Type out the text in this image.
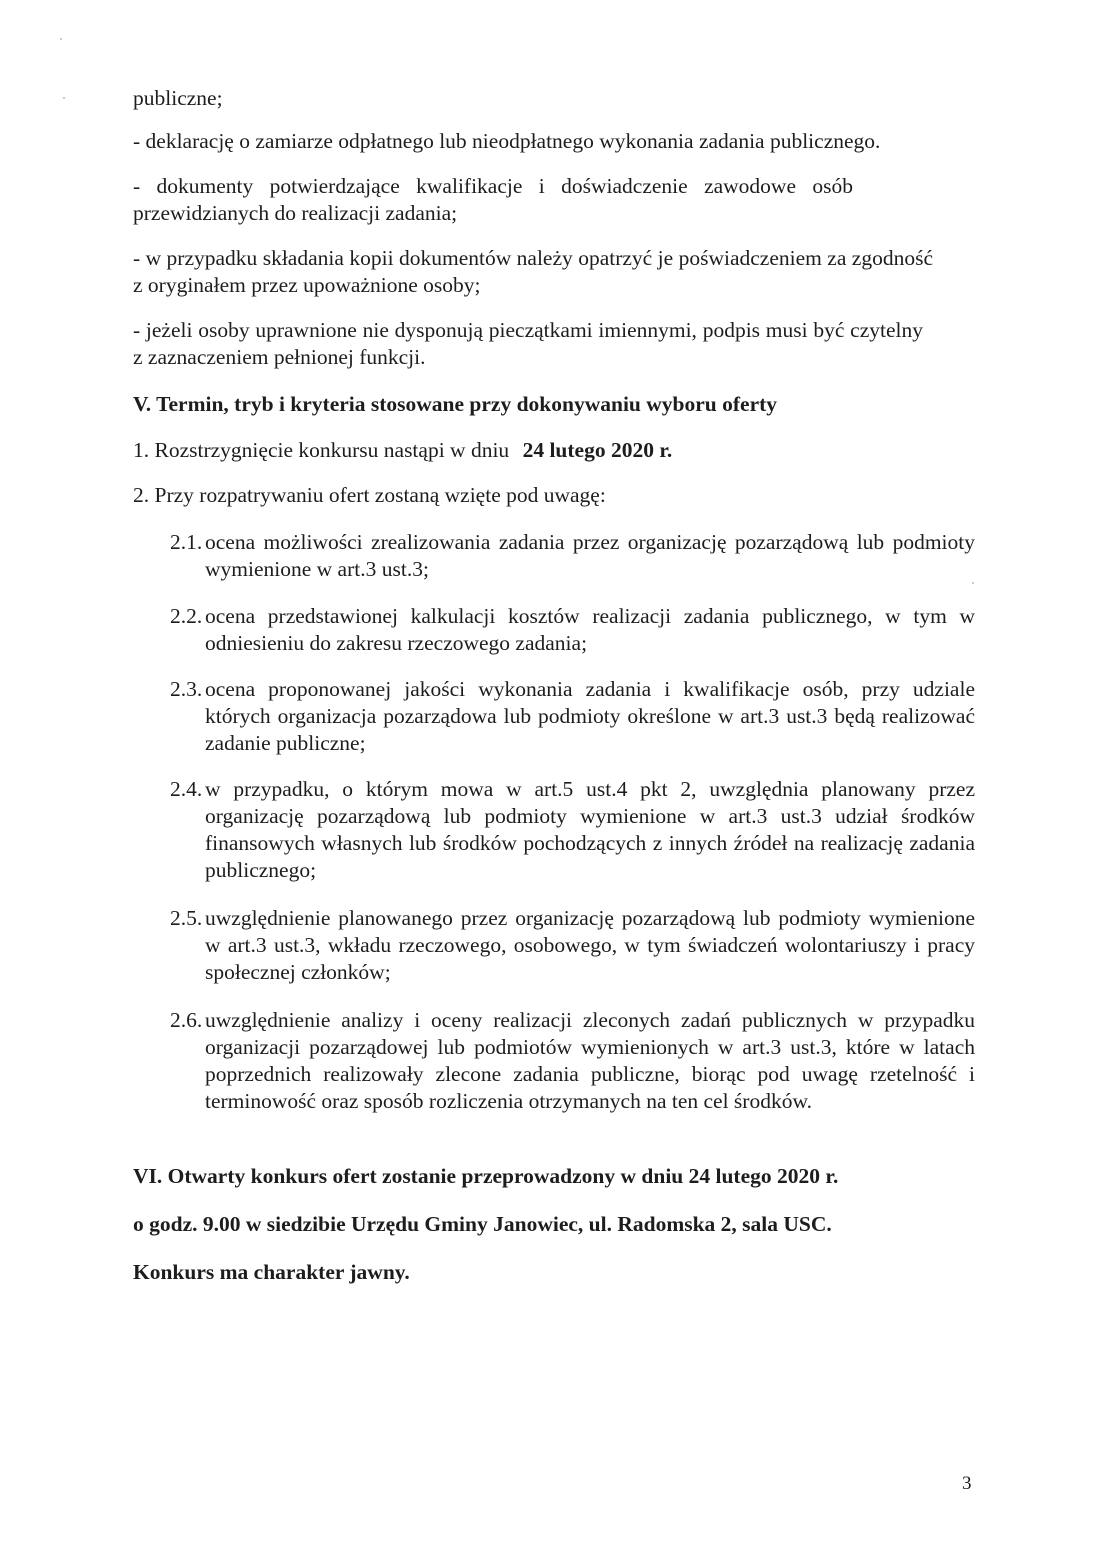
publiczne;

- deklarację o zamiarze odpłatnego lub nieodpłatnego wykonania zadania publicznego.

- dokumenty potwierdzające kwalifikacje i doświadczenie zawodowe osób przewidzianych do realizacji zadania;

- w przypadku składania kopii dokumentów należy opatrzyć je poświadczeniem za zgodność z oryginałem przez upoważnione osoby;

- jeżeli osoby uprawnione nie dysponują pieczątkami imiennymi, podpis musi być czytelny z zaznaczeniem pełnionej funkcji.

V. Termin, tryb i kryteria stosowane przy dokonywaniu wyboru oferty

1. Rozstrzygnięcie konkursu nastąpi w dniu 24 lutego 2020 r.

2. Przy rozpatrywaniu ofert zostaną wzięte pod uwagę:

2.1. ocena możliwości zrealizowania zadania przez organizację pozarządową lub podmioty wymienione w art.3 ust.3;
2.2. ocena przedstawionej kalkulacji kosztów realizacji zadania publicznego, w tym w odniesieniu do zakresu rzeczowego zadania;
2.3. ocena proponowanej jakości wykonania zadania i kwalifikacje osób, przy udziale których organizacja pozarządowa lub podmioty określone w art.3 ust.3 będą realizować zadanie publiczne;
2.4. w przypadku, o którym mowa w art.5 ust.4 pkt 2, uwzględnia planowany przez organizację pozarządową lub podmioty wymienione w art.3 ust.3 udział środków finansowych własnych lub środków pochodzących z innych źródeł na realizację zadania publicznego;
2.5. uwzględnienie planowanego przez organizację pozarządową lub podmioty wymienione w art.3 ust.3, wkładu rzeczowego, osobowego, w tym świadczeń wolontariuszy i pracy społecznej członków;
2.6. uwzględnienie analizy i oceny realizacji zleconych zadań publicznych w przypadku organizacji pozarządowej lub podmiotów wymienionych w art.3 ust.3, które w latach poprzednich realizowały zlecone zadania publiczne, biorąc pod uwagę rzetelność i terminowość oraz sposób rozliczenia otrzymanych na ten cel środków.

VI. Otwarty konkurs ofert zostanie przeprowadzony w dniu 24 lutego 2020 r.

o godz. 9.00 w siedzibie Urzędu Gminy Janowiec, ul. Radomska 2, sala USC.

Konkurs ma charakter jawny.

3
